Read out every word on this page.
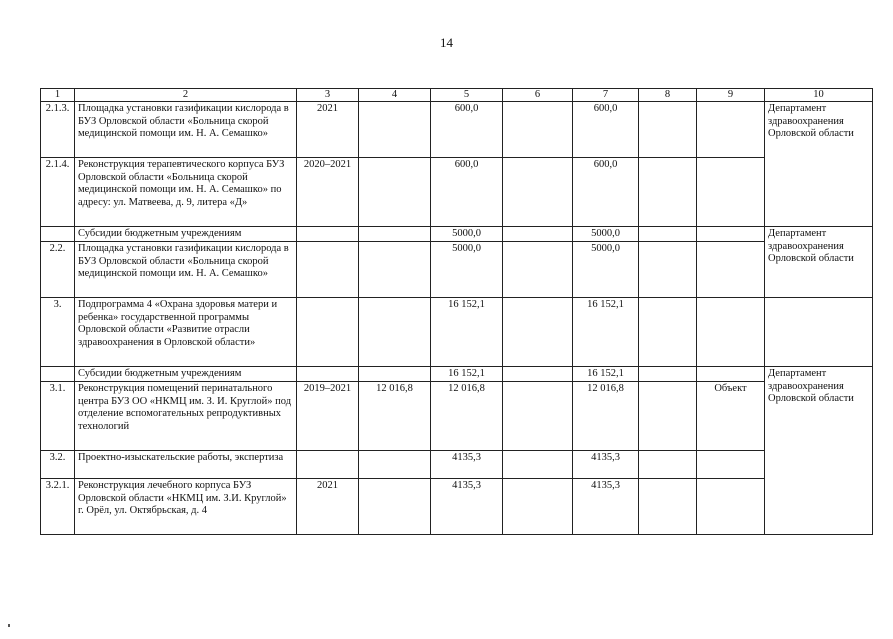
14
1	2	3	4	5	6	7	8	9	10
2.1.3.	Площадка установки газификации кислорода в БУЗ Орловской области «Больница скорой медицинской помощи им. Н. А. Семашко»	2021		600,0		600,0			Департамент здравоохранения Орловской области
2.1.4.	Реконструкция терапевтического корпуса БУЗ Орловской области «Больница скорой медицинской помощи им. Н. А. Семашко» по адресу: ул. Матвеева, д. 9, литера «Д»	2020–2021		600,0		600,0			
	Субсидии бюджетным учреждениям			5000,0		5000,0			Департамент здравоохранения Орловской области
2.2.	Площадка установки газификации кислорода в БУЗ Орловской области «Больница скорой медицинской помощи им. Н. А. Семашко»			5000,0		5000,0			
3.	Подпрограмма 4 «Охрана здоровья матери и ребенка» государственной программы Орловской области «Развитие отрасли здравоохранения в Орловской области»			16 152,1		16 152,1			
	Субсидии бюджетным учреждениям			16 152,1		16 152,1			Департамент здравоохранения Орловской области
3.1.	Реконструкция помещений перинатального центра БУЗ ОО «НКМЦ им. З. И. Круглой» под отделение вспомогательных репродуктивных технологий	2019–2021	12 016,8	12 016,8		12 016,8		Объект	
3.2.	Проектно-изыскательские работы, экспертиза			4135,3		4135,3			
3.2.1.	Реконструкция лечебного корпуса БУЗ Орловской области «НКМЦ им. З.И. Круглой» г. Орёл, ул. Октябрьская, д. 4	2021		4135,3		4135,3			
